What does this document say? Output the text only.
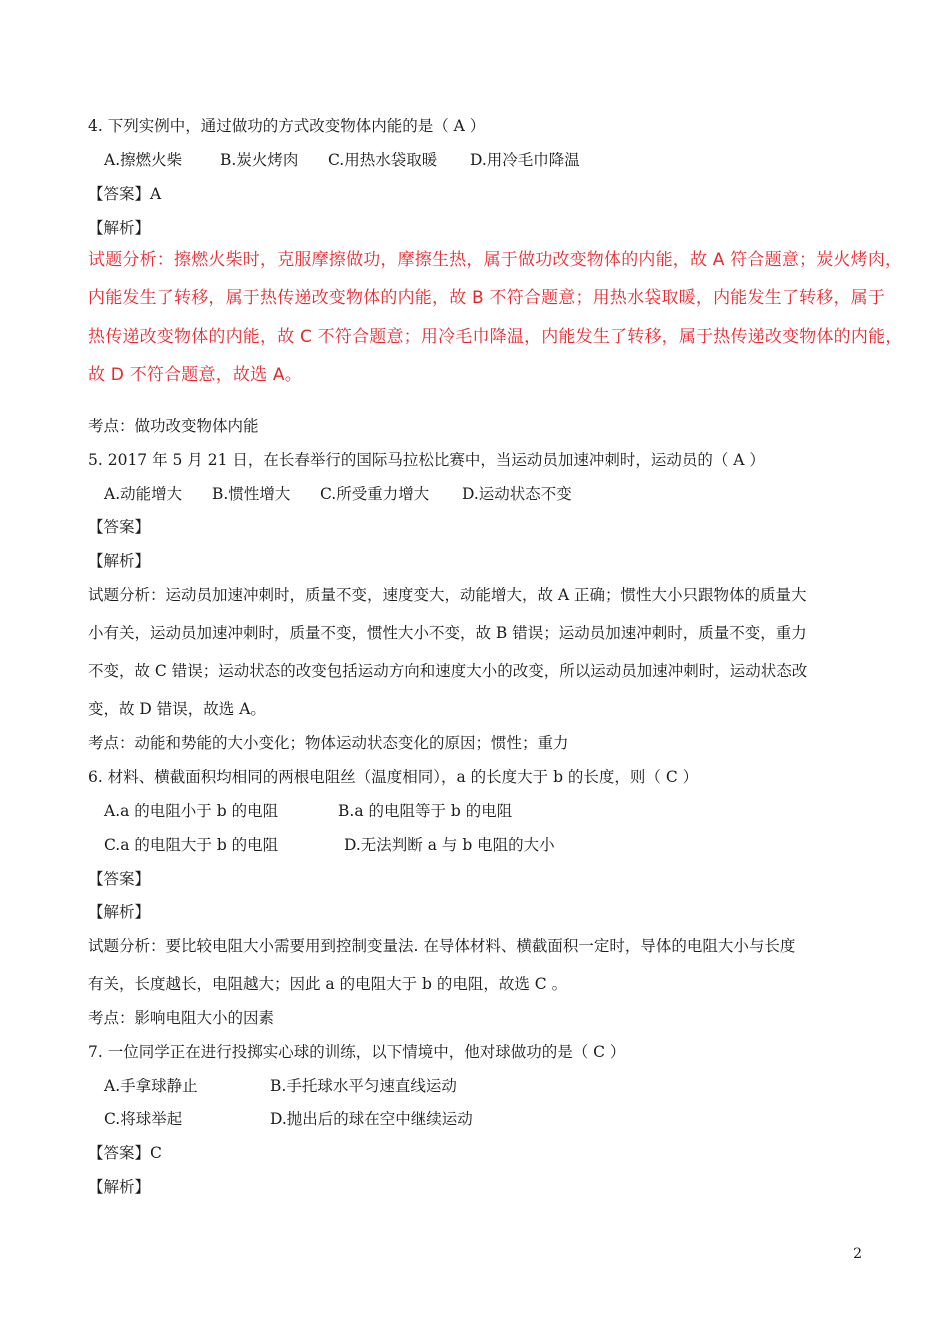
4. 下列实例中，通过做功的方式改变物体内能的是（ A ）
A.擦燃火柴 B.炭火烤肉 C.用热水袋取暖 D.用冷毛巾降温
【答案】A
【解析】
试题分析：擦燃火柴时，克服摩擦做功，摩擦生热，属于做功改变物体的内能，故 A 符合题意；炭火烤肉，
内能发生了转移，属于热传递改变物体的内能，故 B 不符合题意；用热水袋取暖，内能发生了转移，属于
热传递改变物体的内能，故 C 不符合题意；用冷毛巾降温，内能发生了转移，属于热传递改变物体的内能，
故 D 不符合题意，故选 A。
考点：做功改变物体内能
5. 2017 年 5 月 21 日，在长春举行的国际马拉松比赛中，当运动员加速冲刺时，运动员的（ A ）
A.动能增大 B.惯性增大 C.所受重力增大 D.运动状态不变
【答案】
【解析】
试题分析：运动员加速冲刺时，质量不变，速度变大，动能增大，故 A 正确；惯性大小只跟物体的质量大
小有关，运动员加速冲刺时，质量不变，惯性大小不变，故 B 错误；运动员加速冲刺时，质量不变，重力
不变，故 C 错误；运动状态的改变包括运动方向和速度大小的改变，所以运动员加速冲刺时，运动状态改
变，故 D 错误，故选 A。
考点：动能和势能的大小变化；物体运动状态变化的原因；惯性；重力
6. 材料、横截面积均相同的两根电阻丝（温度相同），a 的长度大于 b 的长度，则（ C ）
A.a 的电阻小于 b 的电阻	B.a 的电阻等于 b 的电阻
C.a 的电阻大于 b 的电阻	D.无法判断 a 与 b 电阻的大小
【答案】
【解析】
试题分析：要比较电阻大小需要用到控制变量法. 在导体材料、横截面积一定时，导体的电阻大小与长度
有关，长度越长，电阻越大；因此 a 的电阻大于 b 的电阻，故选 C 。
考点：影响电阻大小的因素
7. 一位同学正在进行投掷实心球的训练，以下情境中，他对球做功的是（ C ）
A.手拿球静止	B.手托球水平匀速直线运动
C.将球举起	D.抛出后的球在空中继续运动
【答案】C
【解析】
2
